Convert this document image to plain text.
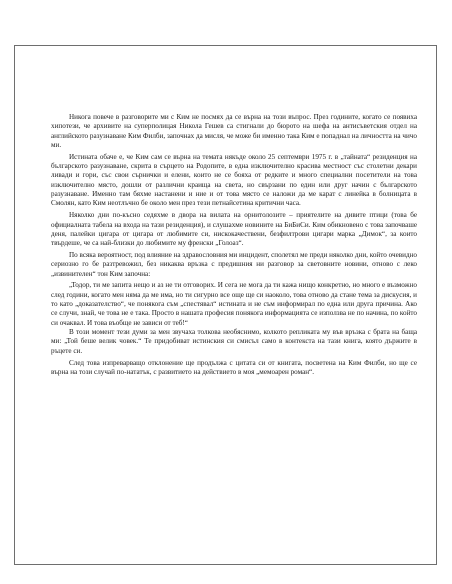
Никога повече в разговорите ми с Ким не посмях да се върна на този въпрос. През годините, когато се появиха хипотези, че архивите на суперполицая Никола Гешев са стигнали до бюрото на шефа на антисъветския отдел на английското разузнаване Ким Филби, започнах да мисля, че може би именно така Ким е попаднал на личността на чичо ми.

Истината обаче е, че Ким сам се върна на темата някъде около 25 септември 1975 г. в „тайната“ резиденция на българското разузнаване, скрита в сърцето на Родопите, в една изключително красива местност със столетни декари ливади и гори, със свои сърнички и елени, които не се бояха от редките и много специални посетители на това изключително място, дошли от различни краища на света, но свързани по един или друг начин с българското разузнаване. Именно там бяхме настанени и ние и от това място се наложи да ме карат с линейка в болницата в Смолян, като Ким неотлъчно бе около мен през тези петнайсетина критични часа.

Няколко дни по-късно седяхме в двора на вилата на орнитолозите – приятелите на дивите птици (това бе официалната табела на входа на тази резиденция), и слушахме новините на БиБиСи. Ким обикновено с това започваше деня, палейки цигара от цигара от любимите си, нискокачествени, безфилтрови цигари марка „Димок“, за които твърдеше, че са най-близки до любимите му френски „Голоаз“.

По всяка вероятност, под влияние на здравословния ми инцидент, сполетял ме преди няколко дни, който очевидно сериозно го бе разтревожил, без никаква връзка с предишния ни разговор за световните новини, отново с леко „извинителен“ тон Ким започна:

„Тодор, ти ме запита нещо и аз не ти отговорих. И сега не мога да ти кажа нищо конкретно, но много е възможно след години, когато мен няма да ме има, но ти сигурно все още ще си наоколо, това отново да стане тема за дискусия, и то като „доказателство“, че понякога съм „спестявал“ истината и не съм информирал по една или друга причина. Ако се случи, знай, че това не е така. Просто в нашата професия понякога информацията се използва не по начина, по който си очаквал. И това въобще не зависи от теб!“

В този момент тези думи за мен звучаха толкова необяснимо, колкото репликата му във връзка с брата на баща ми: „Той беше велик човек.“ Те придобиват истинския си смисъл само в контекста на тази книга, която държите в ръцете си.

След това изпреварващо отклонение ще продължа с цитата си от книгата, посветена на Ким Филби, но ще се върна на този случай по-нататък, с развитието на действието в моя „мемоарен роман“.
